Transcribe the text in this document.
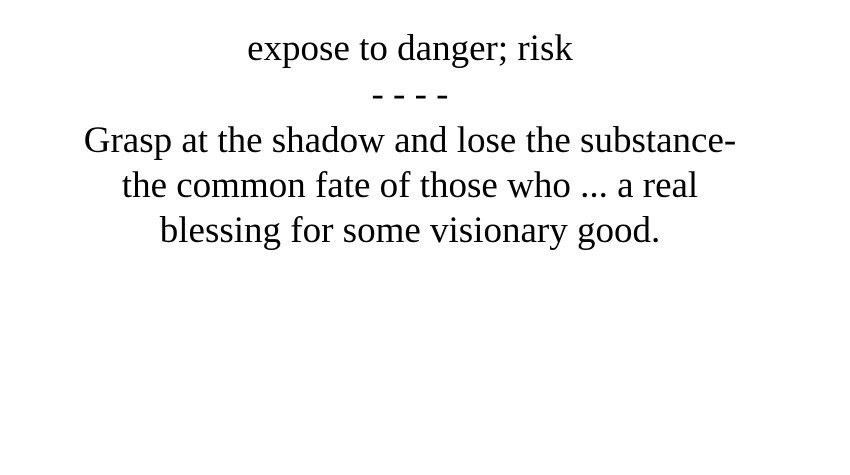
expose to danger; risk
- - - -

Grasp at the shadow and lose the substance-
the common fate of those who ... a real
blessing for some visionary good.
